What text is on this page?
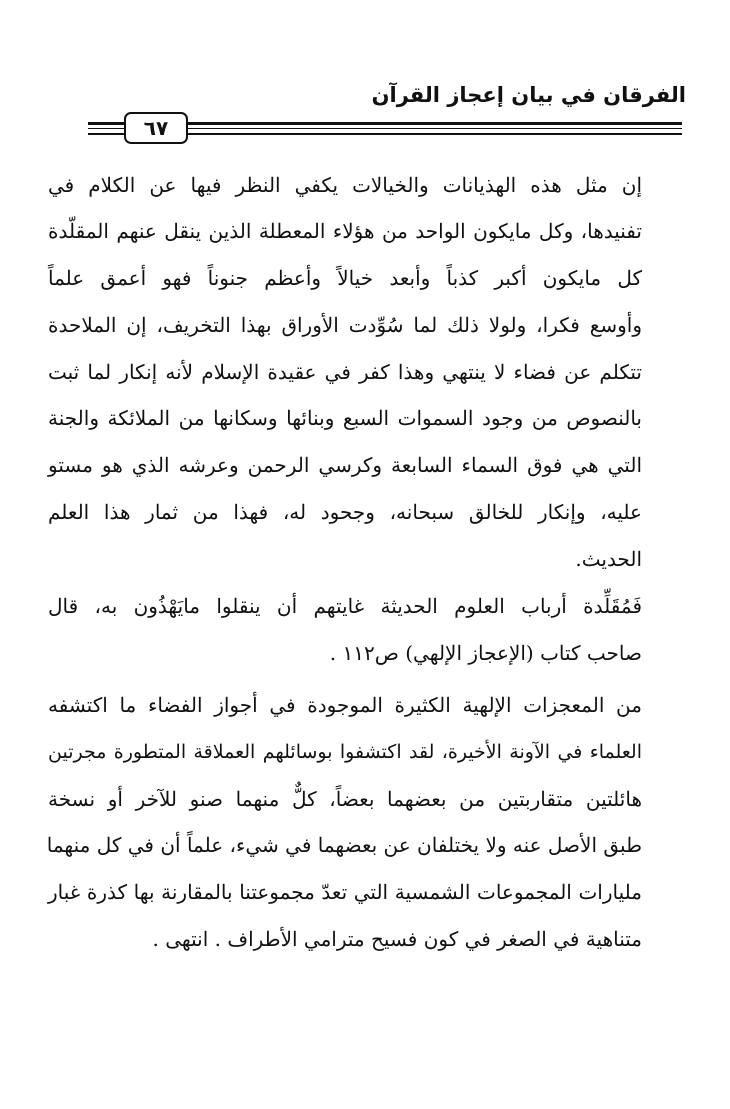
الفرقان في بيان إعجاز القرآن
٦٧
إن مثل هذه الهذيانات والخيالات يكفي النظر فيها عن الكلام في
تفنيدها، وكل مايكون الواحد من هؤلاء المعطلة الذين ينقل عنهم المقلّدة
كل مايكون أكبر كذباً وأبعد خيالاً وأعظم جنوناً فهو أعمق علماً
وأوسع فكرا، ولولا ذلك لما سُوِّدت الأوراق بهذا التخريف، إن الملاحدة
تتكلم عن فضاء لا ينتهي وهذا كفر في عقيدة الإسلام لأنه إنكار لما ثبت
بالنصوص من وجود السموات السبع وبنائها وسكانها من الملائكة والجنة
التي هي فوق السماء السابعة وكرسي الرحمن وعرشه الذي هو مستو
عليه، وإنكار للخالق سبحانه، وجحود له، فهذا من ثمار هذا العلم
الحديث.
فَمُقَلِّدة أرباب العلوم الحديثة غايتهم أن ينقلوا مايَهْذُون به، قال
صاحب كتاب (الإعجاز الإلهي) ص١١٢ .
من المعجزات الإلهية الكثيرة الموجودة في أجواز الفضاء ما اكتشفه
العلماء في الآونة الأخيرة، لقد اكتشفوا بوسائلهم العملاقة المتطورة مجرتين
هائلتين متقاربتين من بعضهما بعضاً، كلٌّ منهما صنو للآخر أو نسخة
طبق الأصل عنه ولا يختلفان عن بعضهما في شيء، علماً أن في كل منهما
مليارات المجموعات الشمسية التي تعدّ مجموعتنا بالمقارنة بها كذرة غبار
متناهية في الصغر في كون فسيح مترامي الأطراف . انتهى .
